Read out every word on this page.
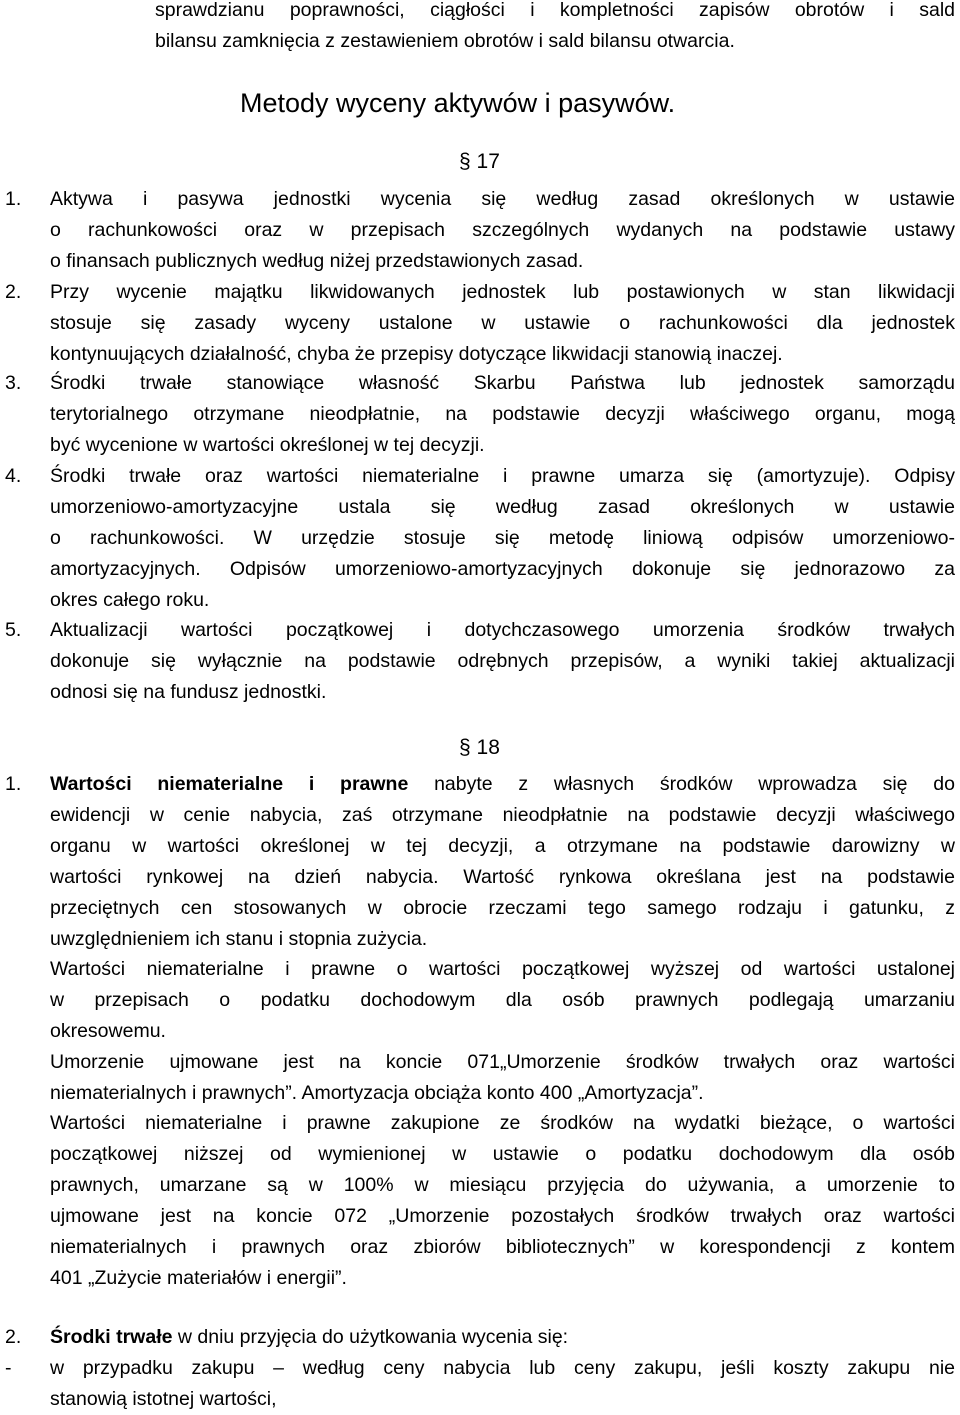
sprawdzianu poprawności, ciągłości i kompletności zapisów obrotów i sald
bilansu zamknięcia z zestawieniem obrotów i sald bilansu otwarcia.
Metody wyceny aktywów i pasywów.
§ 17
1. Aktywa i pasywa jednostki wycenia się według zasad określonych w ustawie
o rachunkowości oraz w przepisach szczególnych wydanych na podstawie ustawy
o finansach publicznych według niżej przedstawionych zasad.
2. Przy wycenie majątku likwidowanych jednostek lub postawionych w stan likwidacji
stosuje się zasady wyceny ustalone w ustawie o rachunkowości dla jednostek
kontynuujących działalność, chyba że przepisy dotyczące likwidacji stanowią inaczej.
3. Środki trwałe stanowiące własność Skarbu Państwa lub jednostek samorządu
terytorialnego otrzymane nieodpłatnie, na podstawie decyzji właściwego organu, mogą
być wycenione w wartości określonej w tej decyzji.
4. Środki trwałe oraz wartości niematerialne i prawne umarza się (amortyzuje). Odpisy
umorzeniowo-amortyzacyjne ustala się według zasad określonych w ustawie
o rachunkowości. W urzędzie stosuje się metodę liniową odpisów umorzeniowo-
amortyzacyjnych. Odpisów umorzeniowo-amortyzacyjnych dokonuje się jednorazowo za
okres całego roku.
5. Aktualizacji wartości początkowej i dotychczasowego umorzenia środków trwałych
dokonuje się wyłącznie na podstawie odrębnych przepisów, a wyniki takiej aktualizacji
odnosi się na fundusz jednostki.
§ 18
1. Wartości niematerialne i prawne nabyte z własnych środków wprowadza się do
ewidencji w cenie nabycia, zaś otrzymane nieodpłatnie na podstawie decyzji właściwego
organu w wartości określonej w tej decyzji, a otrzymane na podstawie darowizny w
wartości rynkowej na dzień nabycia. Wartość rynkowa określana jest na podstawie
przeciętnych cen stosowanych w obrocie rzeczami tego samego rodzaju i gatunku, z
uwzględnieniem ich stanu i stopnia zużycia.
Wartości niematerialne i prawne o wartości początkowej wyższej od wartości ustalonej
w przepisach o podatku dochodowym dla osób prawnych podlegają umarzaniu
okresowemu.
Umorzenie ujmowane jest na koncie 071„Umorzenie środków trwałych oraz wartości
niematerialnych i prawnych”. Amortyzacja obciąża konto 400 „Amortyzacja”.
Wartości niematerialne i prawne zakupione ze środków na wydatki bieżące, o wartości
początkowej niższej od wymienionej w ustawie o podatku dochodowym dla osób
prawnych, umarzane są w 100% w miesiącu przyjęcia do używania, a umorzenie to
ujmowane jest na koncie 072 „Umorzenie pozostałych środków trwałych oraz wartości
niematerialnych i prawnych oraz zbiorów bibliotecznych” w korespondencji z kontem
401 „Zużycie materiałów i energii”.
2. Środki trwałe w dniu przyjęcia do użytkowania wycenia się:
- w przypadku zakupu – według ceny nabycia lub ceny zakupu, jeśli koszty zakupu nie
stanowią istotnej wartości,
